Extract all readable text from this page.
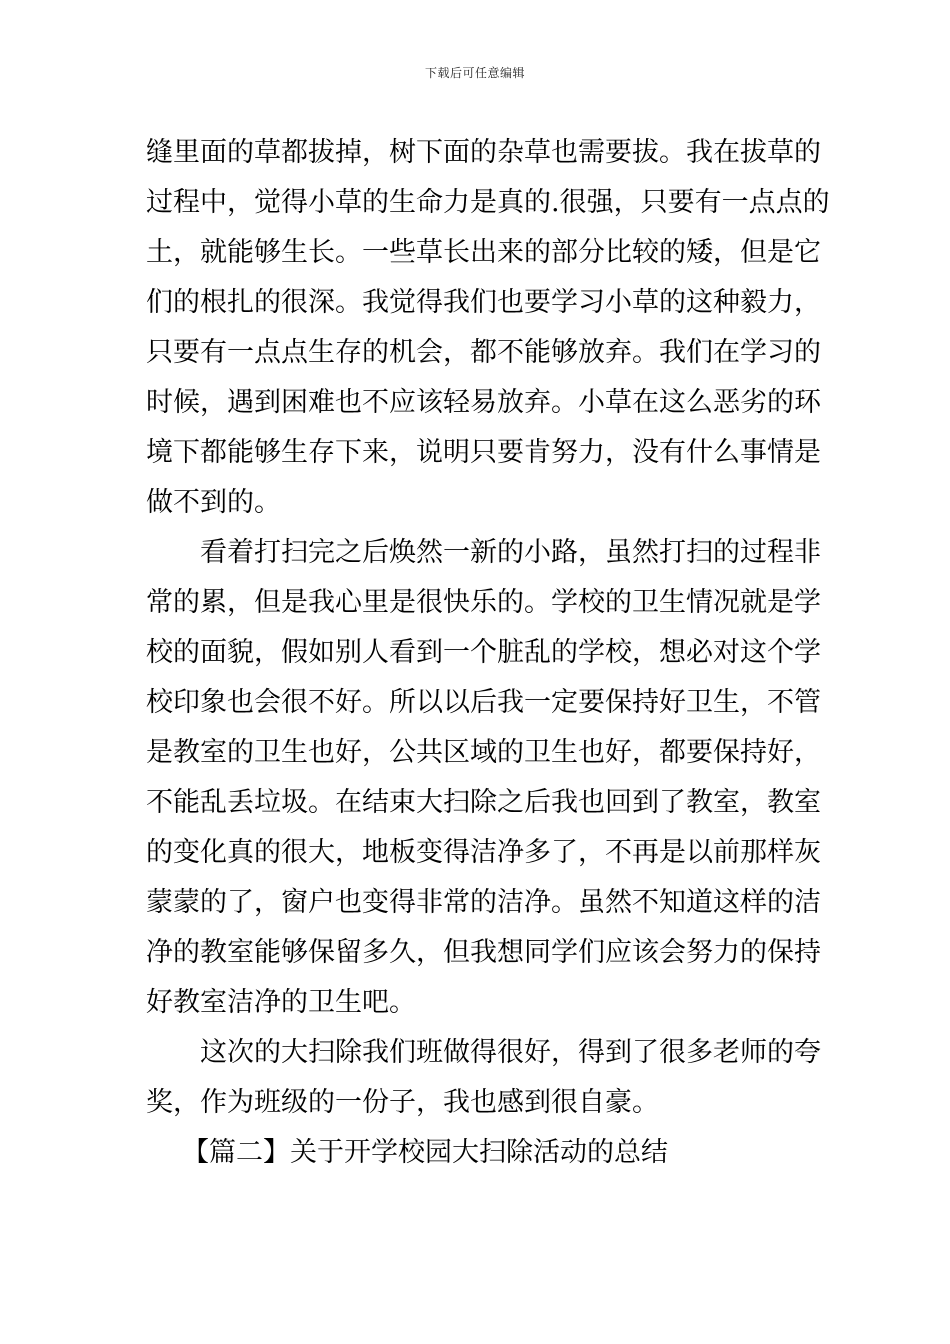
下载后可任意编辑
缝里面的草都拔掉，树下面的杂草也需要拔。我在拔草的
过程中，觉得小草的生命力是真的.很强，只要有一点点的
土，就能够生长。一些草长出来的部分比较的矮，但是它
们的根扎的很深。我觉得我们也要学习小草的这种毅力，
只要有一点点生存的机会，都不能够放弃。我们在学习的
时候，遇到困难也不应该轻易放弃。小草在这么恶劣的环
境下都能够生存下来，说明只要肯努力，没有什么事情是
做不到的。
看着打扫完之后焕然一新的小路，虽然打扫的过程非
常的累，但是我心里是很快乐的。学校的卫生情况就是学
校的面貌，假如别人看到一个脏乱的学校，想必对这个学
校印象也会很不好。所以以后我一定要保持好卫生，不管
是教室的卫生也好，公共区域的卫生也好，都要保持好，
不能乱丢垃圾。在结束大扫除之后我也回到了教室，教室
的变化真的很大，地板变得洁净多了，不再是以前那样灰
蒙蒙的了，窗户也变得非常的洁净。虽然不知道这样的洁
净的教室能够保留多久，但我想同学们应该会努力的保持
好教室洁净的卫生吧。
这次的大扫除我们班做得很好，得到了很多老师的夸
奖，作为班级的一份子，我也感到很自豪。
【篇二】关于开学校园大扫除活动的总结
